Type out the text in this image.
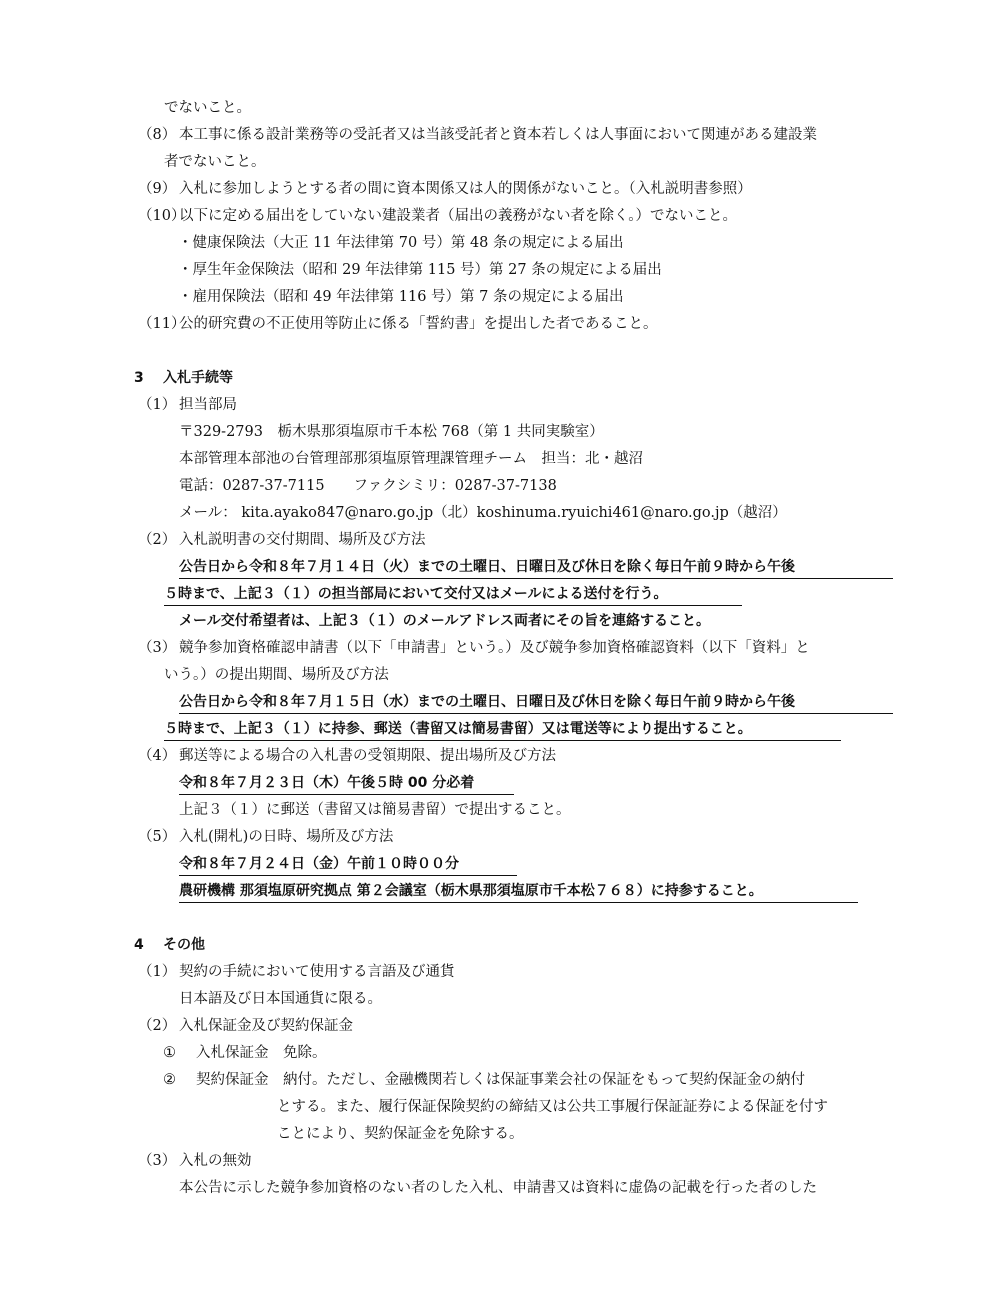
でないこと。
（8） 本工事に係る設計業務等の受託者又は当該受託者と資本若しくは人事面において関連がある建設業
者でないこと。
（9） 入札に参加しようとする者の間に資本関係又は人的関係がないこと。（入札説明書参照）
（10）
以下に定める届出をしていない建設業者（届出の義務がない者を除く。）でないこと。
・健康保険法（大正 11 年法律第 70 号）第 48 条の規定による届出
・厚生年金保険法（昭和 29 年法律第 115 号）第 27 条の規定による届出
・雇用保険法（昭和 49 年法律第 116 号）第 7 条の規定による届出
（11）
公的研究費の不正使用等防止に係る「誓約書」を提出した者であること。
3 入札手続等
（1） 担当部局
〒329-2793　栃木県那須塩原市千本松 768（第 1 共同実験室）
本部管理本部池の台管理部那須塩原管理課管理チーム　担当：北・越沼
電話：0287-37-7115　　ファクシミリ：0287-37-7138
メール： kita.ayako847@naro.go.jp（北）koshinuma.ryuichi461@naro.go.jp（越沼）
（2） 入札説明書の交付期間、場所及び方法
公告日から令和８年７月１４日（火）までの土曜日、日曜日及び休日を除く毎日午前９時から午後
５時まで、上記３（１）の担当部局において交付又はメールによる送付を行う。
メール交付希望者は、上記３（１）のメールアドレス両者にその旨を連絡すること。
（3） 競争参加資格確認申請書（以下「申請書」という。）及び競争参加資格確認資料（以下「資料」と
いう。）の提出期間、場所及び方法
公告日から令和８年７月１５日（水）までの土曜日、日曜日及び休日を除く毎日午前９時から午後
５時まで、上記３（１）に持参、郵送（書留又は簡易書留）又は電送等により提出すること。
（4） 郵送等による場合の入札書の受領期限、提出場所及び方法
令和８年７月２３日（木）午後５時 00 分必着
上記３（１）に郵送（書留又は簡易書留）で提出すること。
（5） 入札(開札)の日時、場所及び方法
令和８年７月２４日（金）午前１０時００分
農研機構 那須塩原研究拠点 第２会議室（栃木県那須塩原市千本松７６８）に持参すること。
4 その他
（1） 契約の手続において使用する言語及び通貨
日本語及び日本国通貨に限る。
（2） 入札保証金及び契約保証金
① 入札保証金　免除。
② 契約保証金　納付。ただし、金融機関若しくは保証事業会社の保証をもって契約保証金の納付
とする。また、履行保証保険契約の締結又は公共工事履行保証証券による保証を付す
ことにより、契約保証金を免除する。
（3） 入札の無効
本公告に示した競争参加資格のない者のした入札、申請書又は資料に虚偽の記載を行った者のした
